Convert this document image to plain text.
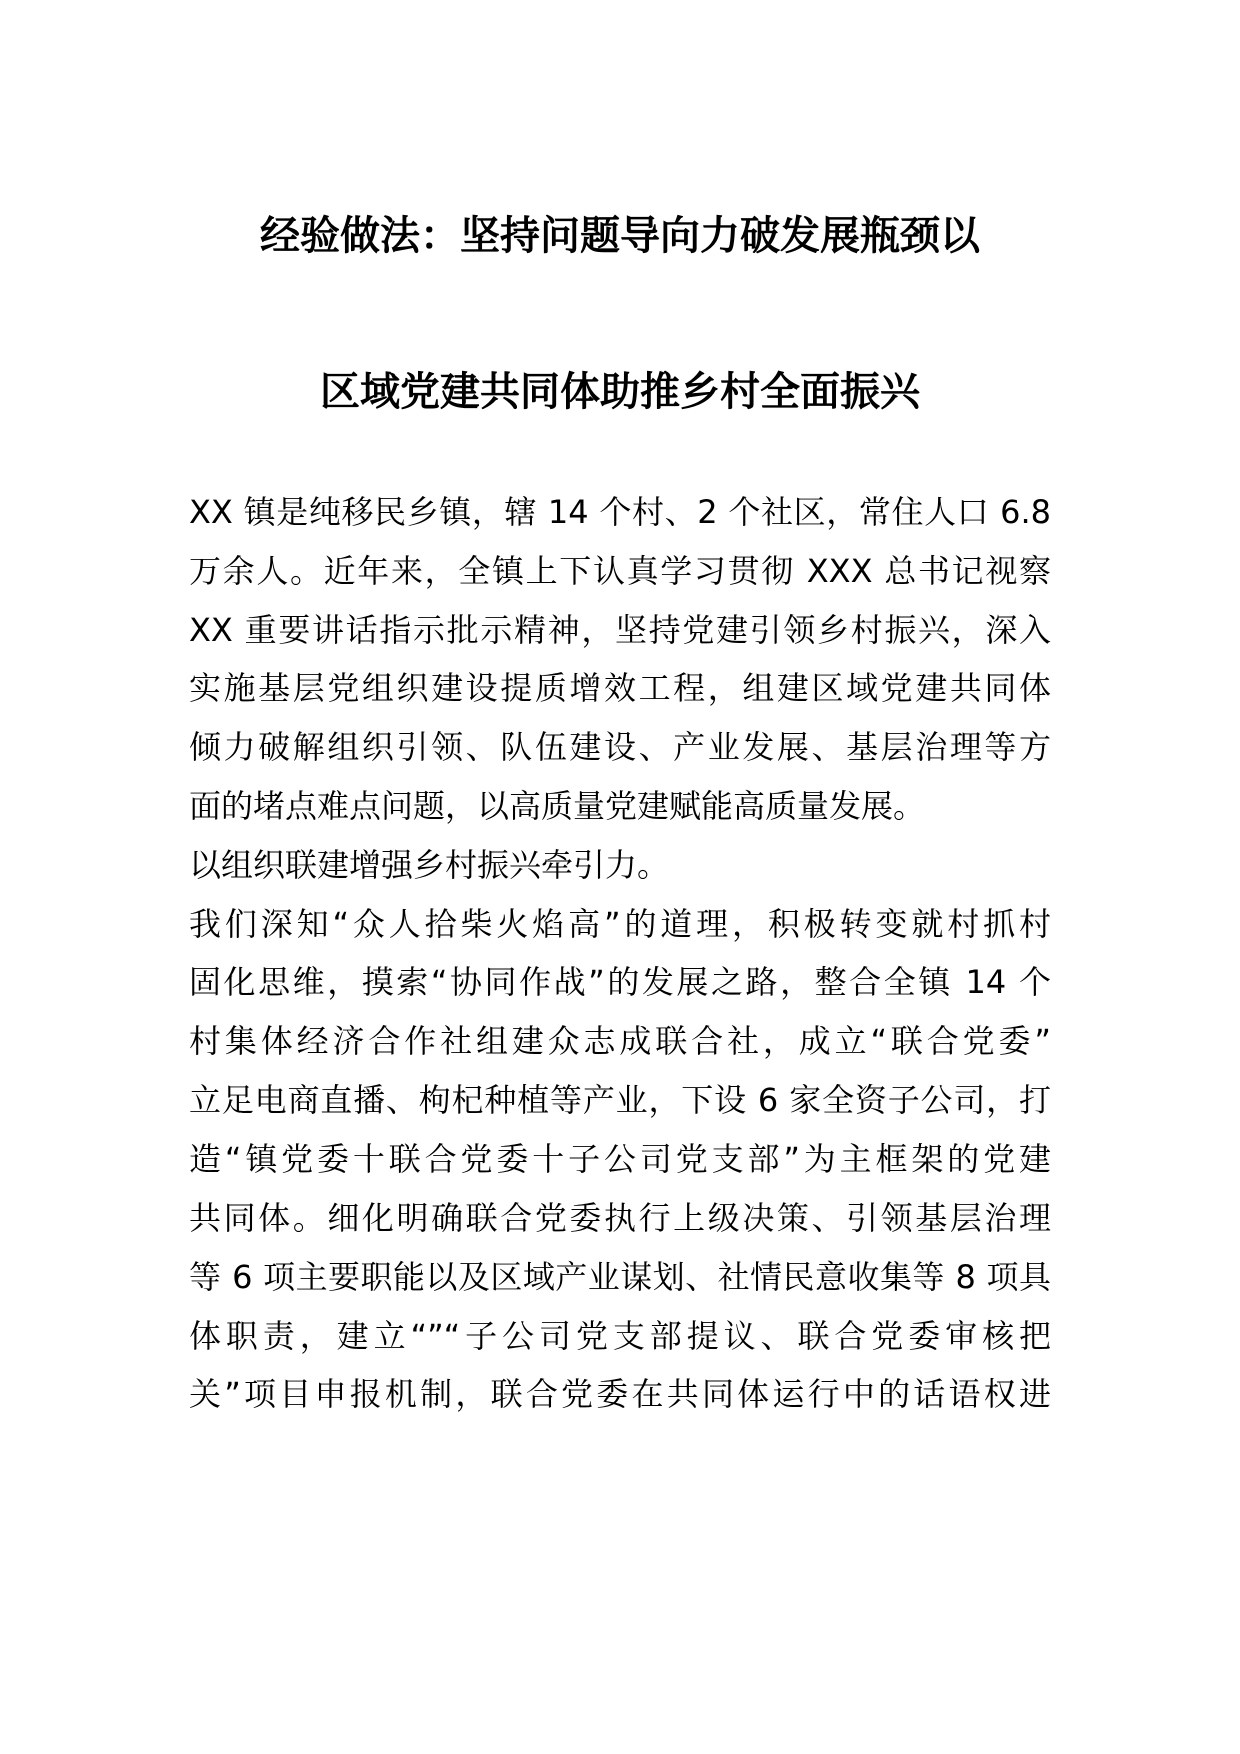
经验做法：坚持问题导向力破发展瓶颈以
区域党建共同体助推乡村全面振兴

XX 镇是纯移民乡镇，辖 14 个村、2 个社区，常住人口 6.8

万余人。近年来，全镇上下认真学习贯彻 XXX 总书记视察

XX 重要讲话指示批示精神，坚持党建引领乡村振兴，深入

实施基层党组织建设提质增效工程，组建区域党建共同体

倾力破解组织引领、队伍建设、产业发展、基层治理等方

面的堵点难点问题，以高质量党建赋能高质量发展。

以组织联建增强乡村振兴牵引力。

我们深知“众人拾柴火焰高”的道理，积极转变就村抓村

固化思维，摸索“协同作战”的发展之路，整合全镇 14 个

村集体经济合作社组建众志成联合社，成立“联合党委”

立足电商直播、枸杞种植等产业，下设 6 家全资子公司，打

造“镇党委十联合党委十子公司党支部”为主框架的党建

共同体。细化明确联合党委执行上级决策、引领基层治理

等 6 项主要职能以及区域产业谋划、社情民意收集等 8 项具

体职责，建立“”“子公司党支部提议、联合党委审核把

关”项目申报机制，联合党委在共同体运行中的话语权进
